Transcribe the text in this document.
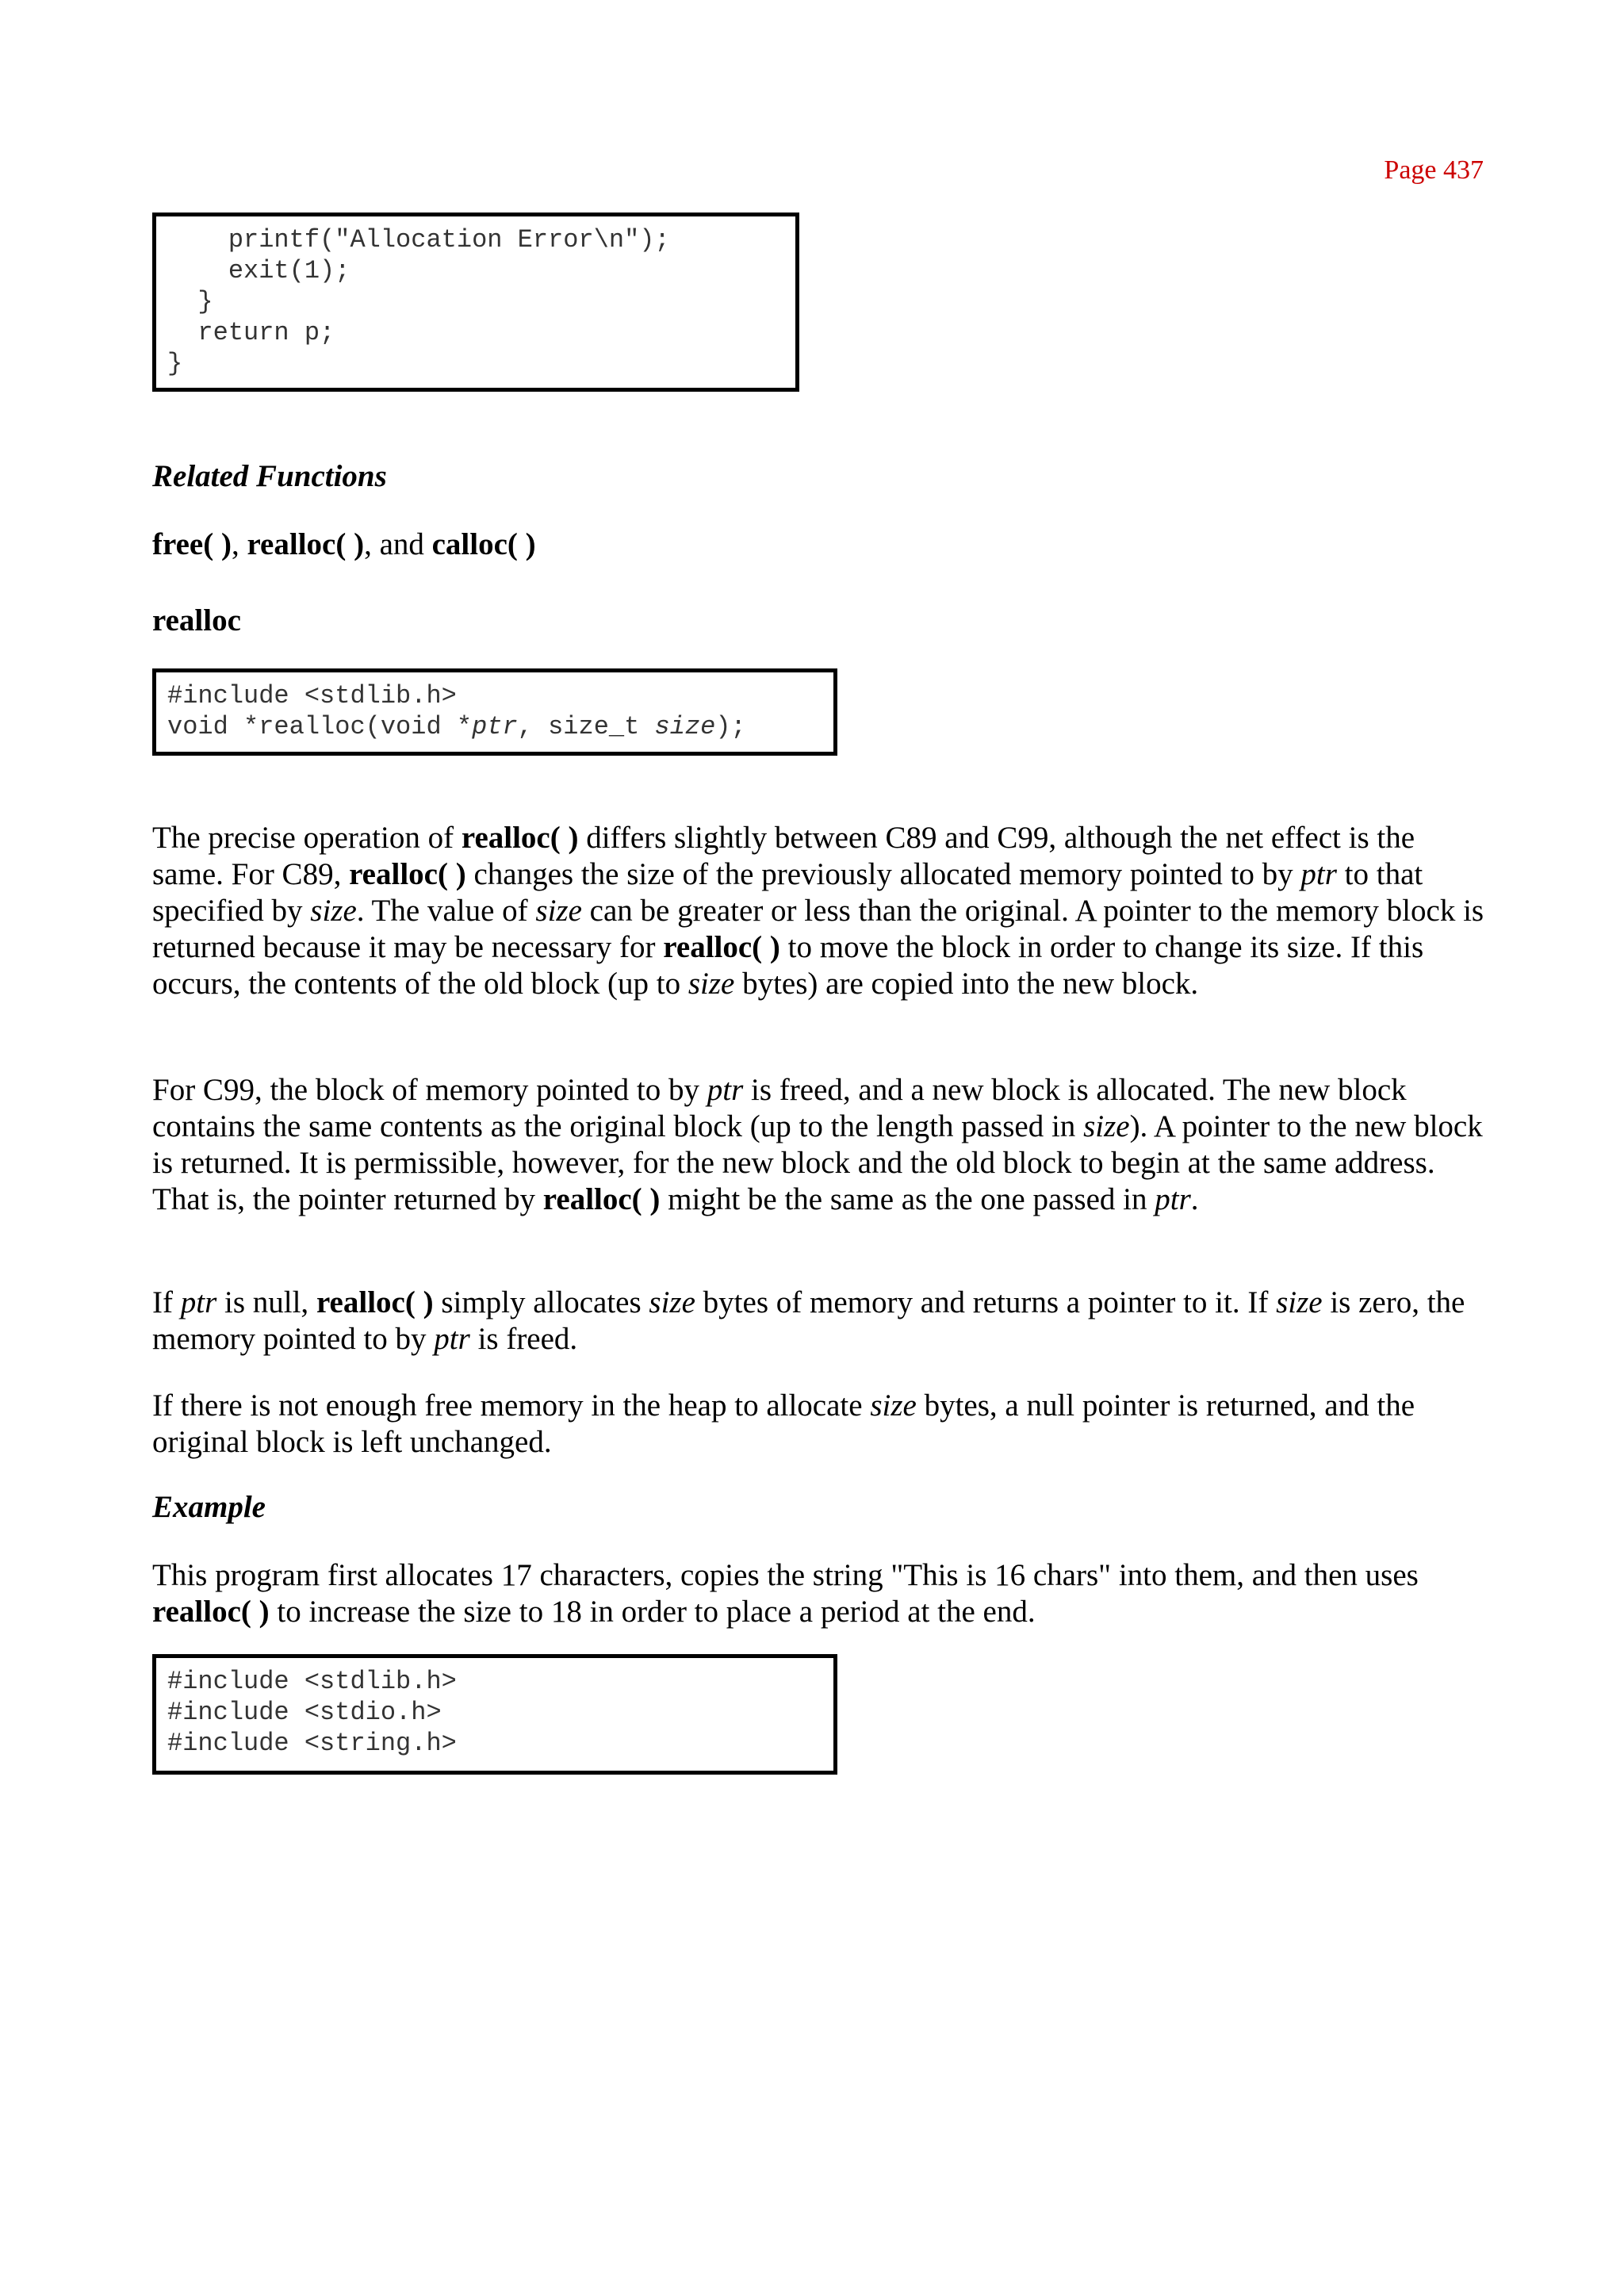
Page 437
printf("Allocation Error\n");
exit(1);
}
return p;
}
Related Functions
free( ), realloc( ), and calloc( )
realloc
#include <stdlib.h>
void *realloc(void *ptr, size_t size);
The precise operation of realloc( ) differs slightly between C89 and C99, although the net effect is the same. For C89, realloc( ) changes the size of the previously allocated memory pointed to by ptr to that specified by size. The value of size can be greater or less than the original. A pointer to the memory block is returned because it may be necessary for realloc( ) to move the block in order to change its size. If this occurs, the contents of the old block (up to size bytes) are copied into the new block.
For C99, the block of memory pointed to by ptr is freed, and a new block is allocated. The new block contains the same contents as the original block (up to the length passed in size). A pointer to the new block is returned. It is permissible, however, for the new block and the old block to begin at the same address. That is, the pointer returned by realloc( ) might be the same as the one passed in ptr.
If ptr is null, realloc( ) simply allocates size bytes of memory and returns a pointer to it. If size is zero, the memory pointed to by ptr is freed.
If there is not enough free memory in the heap to allocate size bytes, a null pointer is returned, and the original block is left unchanged.
Example
This program first allocates 17 characters, copies the string "This is 16 chars" into them, and then uses realloc( ) to increase the size to 18 in order to place a period at the end.
#include <stdlib.h>
#include <stdio.h>
#include <string.h>
